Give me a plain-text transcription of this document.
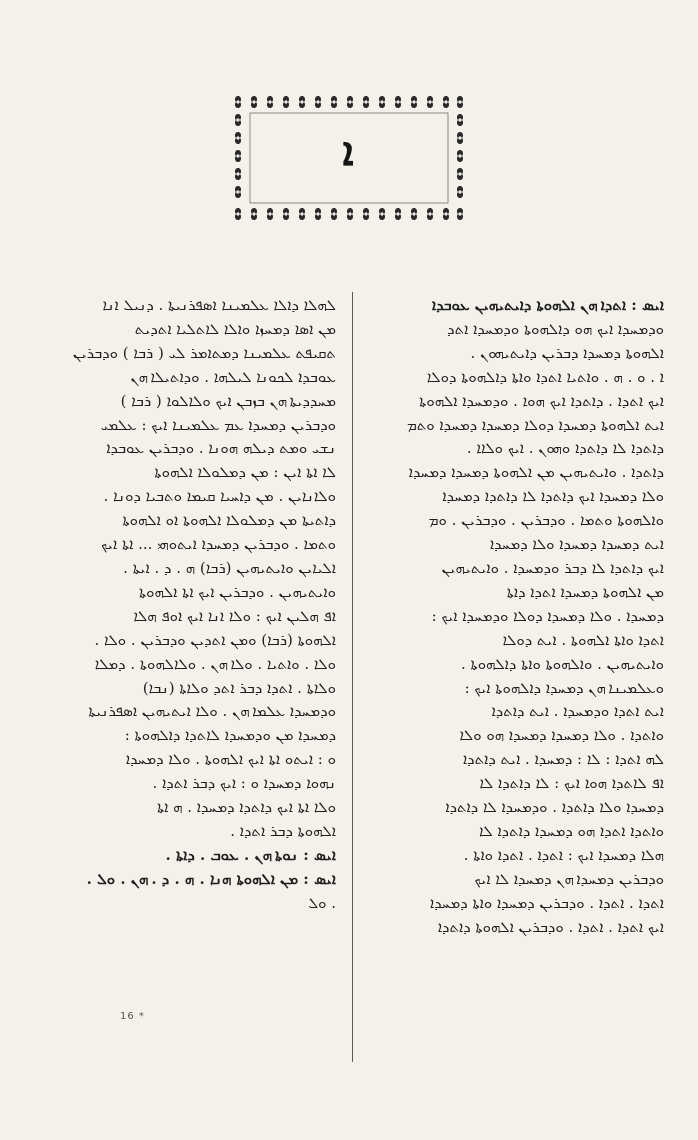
ܐ

ܠܗܠܐ ܕܐܠܐ ܥܠܡܝܢܐ ܐܣܦܪܢܝܬܐ . ܕܢܝܠ ܐܢܐ

ܡܢ ܐܣܐ ܕܡܚܙܐ ܘܐܠܐ ܠܐܬܠܝܐ ܐܬܕܝܬ

ܬܩܝܦܬ ܥܠܡܝܢܐ ܕܡܬܐܡܪ ܠܝ ( ܪܒܐ ) ܘܕܒܪܝܢ

ܥܘܒܕܐ ܠܟܘܢܐ ܠܝܠܗܐ . ܘܕܐܬܝܠܐ ܗܢ

ܡܚܕܕܝܬܐ ܗܢ ܒܙܒܢ ܐܝܟ ܘܠܐܠܘܐ ( ܪܒܐ )

ܘܕܒܪܝܢ ܕܡܚܕܐ ܥܡ ܥܠܡܝܢܐ ܐܝܟ : ܥܠܡܝ

ܢܫܝ ܘܡܬ ܕܝܠܗ ܗܘܢܐ . ܘܕܒܪܝܢ ܥܘܒܕܐ

ܠܐ ܐܬܐ ܐܝܢ : ܡܢ ܕܡܠܘܠܐ ܐܠܗܘܬܐ

ܘܠܐܢܐܝܢ . ܡܢ ܕܐܚܝܐ ܩܝܡܐ ܘܬܒܝܐ ܕܘܢܐ .

ܕܐܬܝܬܐ ܡܢ ܕܡܠܘܠܐ ܐܠܗܘܬܐ ܐܘ ܐܠܗܘܬܐ

ܘܬܡܐ . ܘܕܒܪܝܢ ܕܡܚܕܐ ܐܝܬܘܗܝ ... ܐܬܐ ܐܝܟ

ܐܠܝܐܝܢ ܘܐܝܬܝܗܝܢ (ܪܒܐ) ܗ . ܕ . ܐܝܬܐ .

ܘܐܝܬܝܗܝܢ . ܘܕܒܪܝܢ ܐܝܟ ܐܬܐ ܐܠܗܘܬܐ

ܐܦ ܗܠܝܢ ܐܝܟ : ܘܠܐ ܐܢܐ ܐܝܟ ܐܘܦ ܗܠܐ

ܐܠܗܘܬܐ (ܪܒܐ) ܘܡܢ ܐܬܕܝܢ ܘܕܒܪܝܢ . ܘܠܐ .

ܘܠܐ . ܘܐܬܝܐ . ܘܠܐ ܗܢ . ܘܠܐܠܗܘܬܐ . ܕܡܠܐ

ܘܠܐܬܐ . ܐܬܕܐ ܕܒܪ ܐܬܕ ܘܠܐܬܐ (ܢܒܐ)

ܘܕܡܚܕܐ ܥܠܡܐ ܗܢ . ܘܠܐ ܐܝܬܝܗܝܢ ܐܣܦܪܢܝܬܐ

ܕܡܚܕܐ ܡܢ ܘܕܡܚܕܐ ܠܐܬܕܐ ܕܐܠܗܘܬܐ :

ܘ : ܐܝܬܘ ܐܬܐ ܐܝܟ ܐܠܗܘܬܐ . ܘܠܐ ܕܡܚܕܐ

ܢܗܘܐ ܕܡܚܕܐ ܘ : ܐܝܟ ܕܒܪ ܐܬܕܐ .

ܘܠܐ ܐܬܐ ܐܝܟ ܕܐܬܕܐ ܕܡܚܕܐ . ܗ ܐܬܐ

ܐܠܗܘܬܐ ܕܒܪ ܐܬܕܐ .

ܐܝܣ : ܢܘܬܐ ܗܢ . ܥܘܒ . ܕܐܬܐ .

ܐܝܣ : ܡܢ ܐܠܗܘܬܐ ܗܢܐ . ܗ . ܕ . ܗܢ . ܘܠ .

. ܘܠ

ܐܝܣ : ܐܬܕܐ ܗܢ ܐܠܗܘܬܐ ܕܐܝܬܝܗܝܢ ܥܘܒܕܐ

ܘܕܡܚܕܐ ܐܝܟ ܗܘ ܕܐܠܗܘܬܐ ܘܕܡܚܕܐ ܐܬܕ

ܐܠܗܘܬܐ ܕܡܚܕܐ ܕܒܪܝܢ ܕܐܝܬܝܗܘܢ .

ܐ . ܘ . ܗ . ܘܐܬܝܐ ܐܬܕܐ ܘܐܬܐ ܕܐܠܗܘܬܐ ܕܘܠܐ

ܐܝܟ ܐܬܕܐ . ܕܐܬܕܐ ܐܝܟ ܗܘܐ . ܘܕܡܚܕܐ ܐܠܗܘܬܐ

ܐܝܬ ܐܠܗܘܬܐ ܕܡܚܕܐ ܕܘܠܐ ܕܡܚܕܐ ܕܡܚܕܐ ܘܬܡ

ܕܐܬܕܐ ܠܐ ܕܐܬܕܐ ܘܗܘܢ . ܐܝܟ ܘܠܐܐ .

ܕܐܬܕܐ . ܘܐܝܬܝܗܝܢ ܡܢ ܐܠܗܘܬܐ ܕܡܚܕܐ ܕܡܚܕܐ

ܘܠܐ ܕܡܚܕܐ ܐܝܟ ܕܐܬܕܐ ܠܐ ܕܐܬܕܐ ܕܡܚܕܐ

ܘܐܠܗܘܬܐ ܘܬܡܐ . ܘܕܒܪܝܢ . ܘܕܒܪܝܢ . ܘܡ

ܐܝܬ ܕܡܚܕܐ ܕܡܚܕܐ ܘܠܐ ܕܡܚܕܐ

ܐܝܟ ܕܐܬܕܐ ܠܐ ܕܒܪ ܘܕܡܚܕܐ . ܘܐܝܬܝܗܝܢ

ܡܢ ܐܠܗܘܬܐ ܕܡܚܕܐ ܐܬܕܐ ܕܐܬܐ

ܕܡܚܕܐ . ܘܠܐ ܕܡܚܕܐ ܕܘܠܐ ܘܕܡܚܕܐ ܐܝܟ :

ܐܬܕܐ ܘܐܬܐ ܐܠܗܘܬܐ . ܐܝܬ ܕܘܠܐ

ܘܐܝܬܝܗܝܢ . ܘܐܠܗܘܬܐ ܘܐܬܐ ܕܐܠܗܘܬܐ .

ܘܥܠܡܝܢܐ ܗܢ ܕܡܚܕܐ ܕܐܠܗܘܬܐ ܐܝܟ :

ܐܝܬ ܐܬܕܐ ܘܕܡܚܕܐ . ܐܝܬ ܕܐܬܕܐ

ܘܐܬܕܐ . ܘܠܐ ܕܡܚܕܐ ܕܡܚܕܐ ܗܘ ܘܠܐ

ܠܗ ܐܬܕܐ : ܠܐ : ܕܡܚܕܐ . ܐܝܬ ܕܐܬܕܐ

ܐܦ ܠܐܬܕܐ ܗܘܐ ܐܝܟ : ܠܐ ܕܐܬܕܐ ܠܐ

ܕܡܚܕܐ ܘܠܐ ܕܐܬܕܐ . ܘܕܡܚܕܐ ܠܐ ܕܐܬܕܐ

ܘܐܬܕܐ ܐܬܕܐ ܗܘ ܕܡܚܕܐ ܕܐܬܕܐ ܠܐ

ܗܠܐ ܕܡܚܕܐ ܐܝܟ : ܐܬܕܐ . ܐܬܕܐ ܘܐܬܐ .

ܘܕܒܪܝܢ ܕܡܚܕܐ ܗܢ ܕܡܚܕܐ ܠܐ ܐܝܟ

ܐܬܕܐ . ܐܬܕܐ . ܘܕܒܪܝܢ ܕܡܚܕܐ ܘܐܬܐ ܕܡܚܕܐ

ܐܝܟ ܐܬܕܐ . ܐܬܕܐ . ܘܕܒܪܝܢ ܐܠܗܘܬܐ ܕܐܬܕܐ

16 *
